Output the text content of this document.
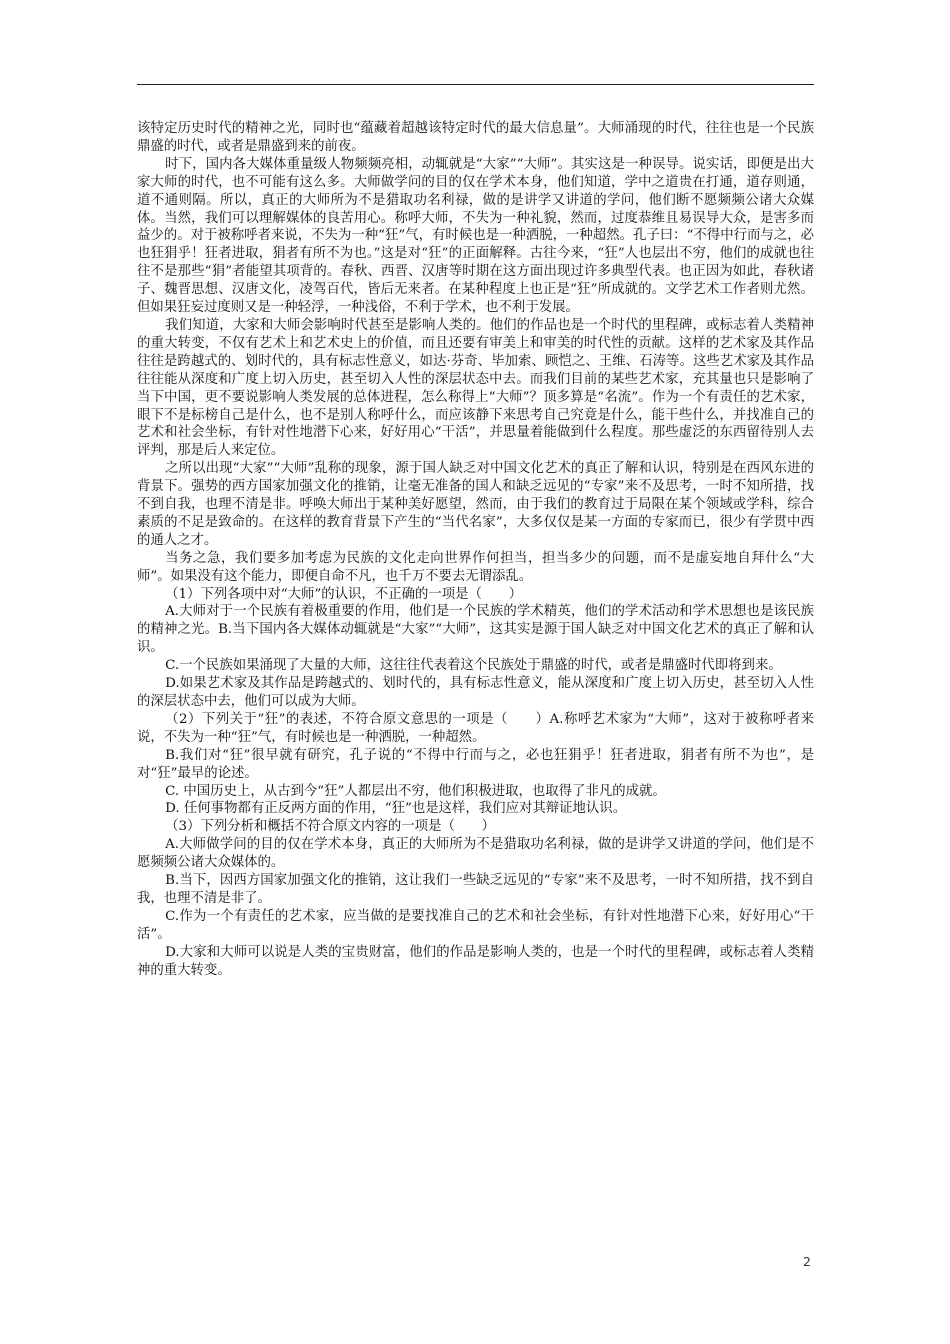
该特定历史时代的精神之光，同时也“蕴藏着超越该特定时代的最大信息量”。大师涌现的时代，往往也是一个民族鼎盛的时代，或者是鼎盛到来的前夜。

时下，国内各大媒体重量级人物频频亮相，动辄就是“大家”“大师”。其实这是一种误导。说实话，即便是出大家大师的时代，也不可能有这么多。大师做学问的目的仅在学术本身，他们知道，学中之道贵在打通，道存则通，道不通则隔。所以，真正的大师所为不是猎取功名利禄，做的是讲学又讲道的学问，他们断不愿频频公诸大众媒体。当然，我们可以理解媒体的良苦用心。称呼大师，不失为一种礼貌，然而，过度恭维且易误导大众，是害多而益少的。对于被称呼者来说，不失为一种“狂”气，有时候也是一种洒脱，一种超然。孔子曰：“不得中行而与之，必也狂狷乎！狂者进取，狷者有所不为也。”这是对“狂”的正面解释。古往今来，“狂”人也层出不穷，他们的成就也往往不是那些“狷”者能望其项背的。春秋、西晋、汉唐等时期在这方面出现过许多典型代表。也正因为如此，春秋诸子、魏晋思想、汉唐文化，凌驾百代，皆后无来者。在某种程度上也正是“狂”所成就的。文学艺术工作者则尤然。但如果狂妄过度则又是一种轻浮，一种浅俗，不利于学术，也不利于发展。

我们知道，大家和大师会影响时代甚至是影响人类的。他们的作品也是一个时代的里程碑，或标志着人类精神的重大转变，不仅有艺术上和艺术史上的价值，而且还要有审美上和审美的时代性的贡献。这样的艺术家及其作品往往是跨越式的、划时代的，具有标志性意义，如达·芬奇、毕加索、顾恺之、王维、石涛等。这些艺术家及其作品往往能从深度和广度上切入历史，甚至切入人性的深层状态中去。而我们目前的某些艺术家，充其量也只是影响了当下中国，更不要说影响人类发展的总体进程，怎么称得上“大师”？顶多算是“名流”。作为一个有责任的艺术家，眼下不是标榜自己是什么，也不是别人称呼什么，而应该静下来思考自己究竟是什么，能干些什么，并找准自己的艺术和社会坐标，有针对性地潜下心来，好好用心“干活”，并思量着能做到什么程度。那些虚泛的东西留待别人去评判，那是后人来定位。

之所以出现“大家”“大师”乱称的现象，源于国人缺乏对中国文化艺术的真正了解和认识，特别是在西风东进的背景下。强势的西方国家加强文化的推销，让毫无准备的国人和缺乏远见的“专家”来不及思考，一时不知所措，找不到自我，也理不清是非。呼唤大师出于某种美好愿望，然而，由于我们的教育过于局限在某个领域或学科，综合素质的不足是致命的。在这样的教育背景下产生的“当代名家”，大多仅仅是某一方面的专家而已，很少有学贯中西的通人之才。

当务之急，我们要多加考虑为民族的文化走向世界作何担当，担当多少的问题，而不是虚妄地自拜什么“大师”。如果没有这个能力，即便自命不凡，也千万不要去无谓添乱。

（1）下列各项中对“大师”的认识，不正确的一项是（　　）

A.大师对于一个民族有着极重要的作用，他们是一个民族的学术精英，他们的学术活动和学术思想也是该民族的精神之光。B.当下国内各大媒体动辄就是“大家”“大师”，这其实是源于国人缺乏对中国文化艺术的真正了解和认识。

C.一个民族如果涌现了大量的大师，这往往代表着这个民族处于鼎盛的时代，或者是鼎盛时代即将到来。

D.如果艺术家及其作品是跨越式的、划时代的，具有标志性意义，能从深度和广度上切入历史，甚至切入人性的深层状态中去，他们可以成为大师。

（2）下列关于“狂”的表述，不符合原文意思的一项是（　　）A.称呼艺术家为“大师”，这对于被称呼者来说，不失为一种“狂”气，有时候也是一种洒脱，一种超然。

B.我们对“狂”很早就有研究，孔子说的“不得中行而与之，必也狂狷乎！狂者进取，狷者有所不为也”，是对“狂”最早的论述。

C. 中国历史上，从古到今“狂”人都层出不穷，他们积极进取，也取得了非凡的成就。

D. 任何事物都有正反两方面的作用，“狂”也是这样，我们应对其辩证地认识。

（3）下列分析和概括不符合原文内容的一项是（　　）

A.大师做学问的目的仅在学术本身，真正的大师所为不是猎取功名利禄，做的是讲学又讲道的学问，他们是不愿频频公诸大众媒体的。

B.当下，因西方国家加强文化的推销，这让我们一些缺乏远见的“专家”来不及思考，一时不知所措，找不到自我，也理不清是非了。

C.作为一个有责任的艺术家，应当做的是要找准自己的艺术和社会坐标，有针对性地潜下心来，好好用心“干活”。

D.大家和大师可以说是人类的宝贵财富，他们的作品是影响人类的，也是一个时代的里程碑，或标志着人类精神的重大转变。

2
